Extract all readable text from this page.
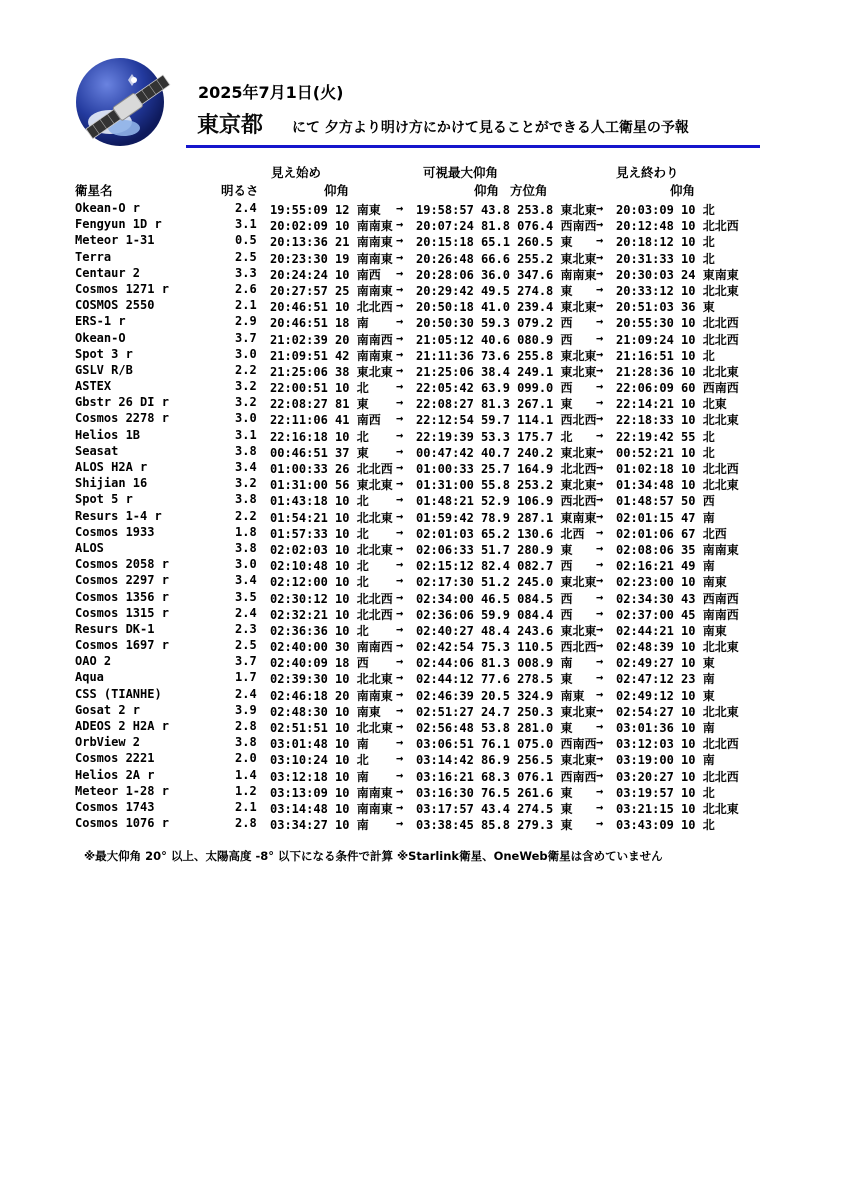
2025年7月1日(火)
東京都 にて 夕方より明け方にかけて見ることができる人工衛星の予報
見え始め	可視最大仰角	見え終わり
衛星名	明るさ	仰角	仰角 方位角	仰角
Okean-O r	2.4 19:55:09 12 南東 → 19:58:57 43.8 253.8 東北東 → 20:03:09 10 北
Fengyun 1D r	3.1 20:02:09 10 南南東 → 20:07:24 81.8 076.4 西南西 → 20:12:48 10 北北西
Meteor 1-31	0.5 20:13:36 21 南南東 → 20:15:18 65.1 260.5 東 → 20:18:12 10 北
Terra	2.5 20:23:30 19 南南東 → 20:26:48 66.6 255.2 東北東 → 20:31:33 10 北
Centaur 2	3.3 20:24:24 10 南西 → 20:28:06 36.0 347.6 南南東 → 20:30:03 24 東南東
Cosmos 1271 r	2.6 20:27:57 25 南南東 → 20:29:42 49.5 274.8 東 → 20:33:12 10 北北東
COSMOS 2550	2.1 20:46:51 10 北北西 → 20:50:18 41.0 239.4 東北東 → 20:51:03 36 東
ERS-1 r	2.9 20:46:51 18 南 → 20:50:30 59.3 079.2 西 → 20:55:30 10 北北西
Okean-O	3.7 21:02:39 20 南南西 → 21:05:12 40.6 080.9 西 → 21:09:24 10 北北西
Spot 3 r	3.0 21:09:51 42 南南東 → 21:11:36 73.6 255.8 東北東 → 21:16:51 10 北
GSLV R/B	2.2 21:25:06 38 東北東 → 21:25:06 38.4 249.1 東北東 → 21:28:36 10 北北東
ASTEX	3.2 22:00:51 10 北 → 22:05:42 63.9 099.0 西 → 22:06:09 60 西南西
Gbstr 26 DI r	3.2 22:08:27 81 東 → 22:08:27 81.3 267.1 東 → 22:14:21 10 北東
Cosmos 2278 r	3.0 22:11:06 41 南西 → 22:12:54 59.7 114.1 西北西 → 22:18:33 10 北北東
Helios 1B	3.1 22:16:18 10 北 → 22:19:39 53.3 175.7 北 → 22:19:42 55 北
Seasat	3.8 00:46:51 37 東 → 00:47:42 40.7 240.2 東北東 → 00:52:21 10 北
ALOS H2A r	3.4 01:00:33 26 北北西 → 01:00:33 25.7 164.9 北北西 → 01:02:18 10 北北西
Shijian 16	3.2 01:31:00 56 東北東 → 01:31:00 55.8 253.2 東北東 → 01:34:48 10 北北東
Spot 5 r	3.8 01:43:18 10 北 → 01:48:21 52.9 106.9 西北西 → 01:48:57 50 西
Resurs 1-4 r	2.2 01:54:21 10 北北東 → 01:59:42 78.9 287.1 東南東 → 02:01:15 47 南
Cosmos 1933	1.8 01:57:33 10 北 → 02:01:03 65.2 130.6 北西 → 02:01:06 67 北西
ALOS	3.8 02:02:03 10 北北東 → 02:06:33 51.7 280.9 東 → 02:08:06 35 南南東
Cosmos 2058 r	3.0 02:10:48 10 北 → 02:15:12 82.4 082.7 西 → 02:16:21 49 南
Cosmos 2297 r	3.4 02:12:00 10 北 → 02:17:30 51.2 245.0 東北東 → 02:23:00 10 南東
Cosmos 1356 r	3.5 02:30:12 10 北北西 → 02:34:00 46.5 084.5 西 → 02:34:30 43 西南西
Cosmos 1315 r	2.4 02:32:21 10 北北西 → 02:36:06 59.9 084.4 西 → 02:37:00 45 南南西
Resurs DK-1	2.3 02:36:36 10 北 → 02:40:27 48.4 243.6 東北東 → 02:44:21 10 南東
Cosmos 1697 r	2.5 02:40:00 30 南南西 → 02:42:54 75.3 110.5 西北西 → 02:48:39 10 北北東
OAO 2	3.7 02:40:09 18 西 → 02:44:06 81.3 008.9 南 → 02:49:27 10 東
Aqua	1.7 02:39:30 10 北北東 → 02:44:12 77.6 278.5 東 → 02:47:12 23 南
CSS (TIANHE)	2.4 02:46:18 20 南南東 → 02:46:39 20.5 324.9 南東 → 02:49:12 10 東
Gosat 2 r	3.9 02:48:30 10 南東 → 02:51:27 24.7 250.3 東北東 → 02:54:27 10 北北東
ADEOS 2 H2A r	2.8 02:51:51 10 北北東 → 02:56:48 53.8 281.0 東 → 03:01:36 10 南
OrbView 2	3.8 03:01:48 10 南 → 03:06:51 76.1 075.0 西南西 → 03:12:03 10 北北西
Cosmos 2221	2.0 03:10:24 10 北 → 03:14:42 86.9 256.5 東北東 → 03:19:00 10 南
Helios 2A r	1.4 03:12:18 10 南 → 03:16:21 68.3 076.1 西南西 → 03:20:27 10 北北西
Meteor 1-28 r	1.2 03:13:09 10 南南東 → 03:16:30 76.5 261.6 東 → 03:19:57 10 北
Cosmos 1743	2.1 03:14:48 10 南南東 → 03:17:57 43.4 274.5 東 → 03:21:15 10 北北東
Cosmos 1076 r	2.8 03:34:27 10 南 → 03:38:45 85.8 279.3 東 → 03:43:09 10 北
※最大仰角 20° 以上、太陽高度 -8° 以下になる条件で計算 ※Starlink衛星、OneWeb衛星は含めていません
